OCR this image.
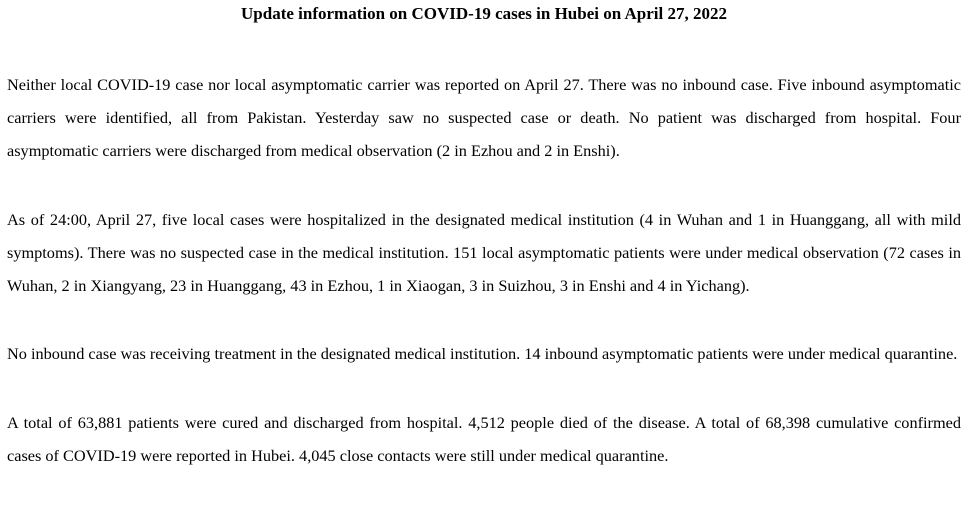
Update information on COVID-19 cases in Hubei on April 27, 2022

Neither local COVID-19 case nor local asymptomatic carrier was reported on April 27. There was no inbound case. Five inbound asymptomatic carriers were identified, all from Pakistan. Yesterday saw no suspected case or death. No patient was discharged from hospital. Four asymptomatic carriers were discharged from medical observation (2 in Ezhou and 2 in Enshi).

As of 24:00, April 27, five local cases were hospitalized in the designated medical institution (4 in Wuhan and 1 in Huanggang, all with mild symptoms). There was no suspected case in the medical institution. 151 local asymptomatic patients were under medical observation (72 cases in Wuhan, 2 in Xiangyang, 23 in Huanggang, 43 in Ezhou, 1 in Xiaogan, 3 in Suizhou, 3 in Enshi and 4 in Yichang).

No inbound case was receiving treatment in the designated medical institution. 14 inbound asymptomatic patients were under medical quarantine.

A total of 63,881 patients were cured and discharged from hospital. 4,512 people died of the disease. A total of 68,398 cumulative confirmed cases of COVID-19 were reported in Hubei. 4,045 close contacts were still under medical quarantine.
